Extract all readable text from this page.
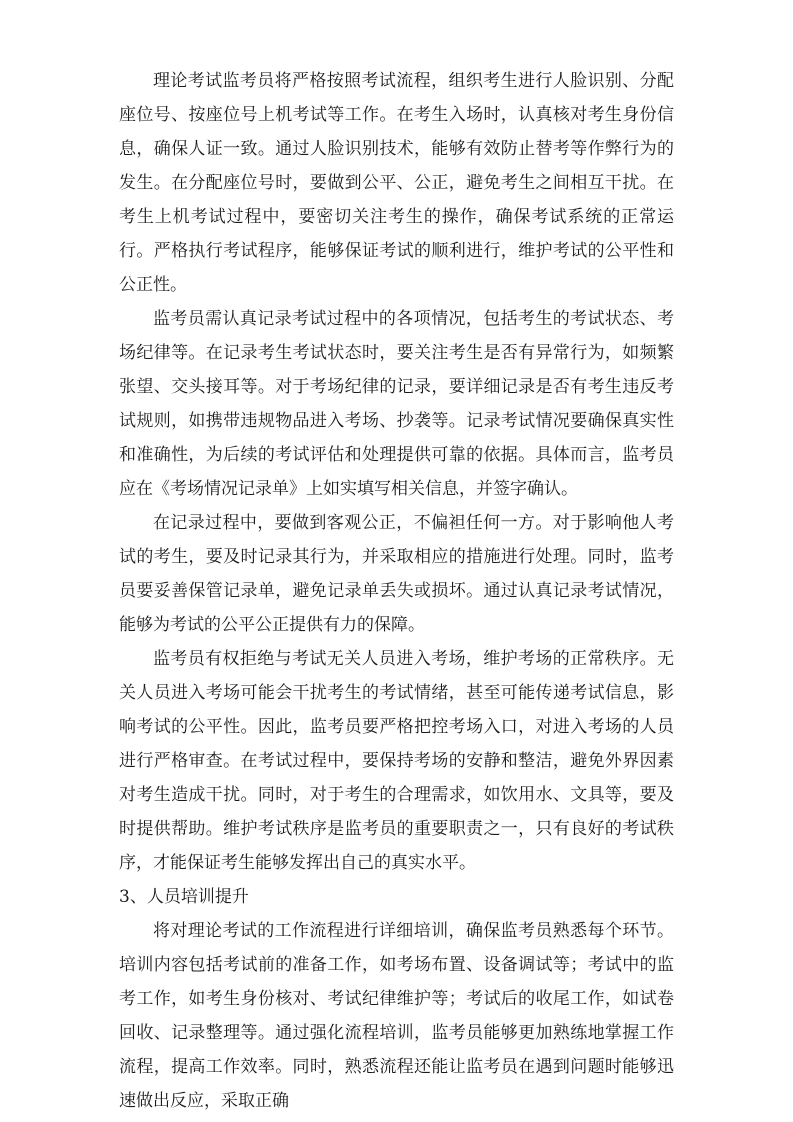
理论考试监考员将严格按照考试流程，组织考生进行人脸识别、分配座位号、按座位号上机考试等工作。在考生入场时，认真核对考生身份信息，确保人证一致。通过人脸识别技术，能够有效防止替考等作弊行为的发生。在分配座位号时，要做到公平、公正，避免考生之间相互干扰。在考生上机考试过程中，要密切关注考生的操作，确保考试系统的正常运行。严格执行考试程序，能够保证考试的顺利进行，维护考试的公平性和公正性。

监考员需认真记录考试过程中的各项情况，包括考生的考试状态、考场纪律等。在记录考生考试状态时，要关注考生是否有异常行为，如频繁张望、交头接耳等。对于考场纪律的记录，要详细记录是否有考生违反考试规则，如携带违规物品进入考场、抄袭等。记录考试情况要确保真实性和准确性，为后续的考试评估和处理提供可靠的依据。具体而言，监考员应在《考场情况记录单》上如实填写相关信息，并签字确认。

在记录过程中，要做到客观公正，不偏袒任何一方。对于影响他人考试的考生，要及时记录其行为，并采取相应的措施进行处理。同时，监考员要妥善保管记录单，避免记录单丢失或损坏。通过认真记录考试情况，能够为考试的公平公正提供有力的保障。

监考员有权拒绝与考试无关人员进入考场，维护考场的正常秩序。无关人员进入考场可能会干扰考生的考试情绪，甚至可能传递考试信息，影响考试的公平性。因此，监考员要严格把控考场入口，对进入考场的人员进行严格审查。在考试过程中，要保持考场的安静和整洁，避免外界因素对考生造成干扰。同时，对于考生的合理需求，如饮用水、文具等，要及时提供帮助。维护考试秩序是监考员的重要职责之一，只有良好的考试秩序，才能保证考生能够发挥出自己的真实水平。

3、人员培训提升

将对理论考试的工作流程进行详细培训，确保监考员熟悉每个环节。培训内容包括考试前的准备工作，如考场布置、设备调试等；考试中的监考工作，如考生身份核对、考试纪律维护等；考试后的收尾工作，如试卷回收、记录整理等。通过强化流程培训，监考员能够更加熟练地掌握工作流程，提高工作效率。同时，熟悉流程还能让监考员在遇到问题时能够迅速做出反应，采取正确
